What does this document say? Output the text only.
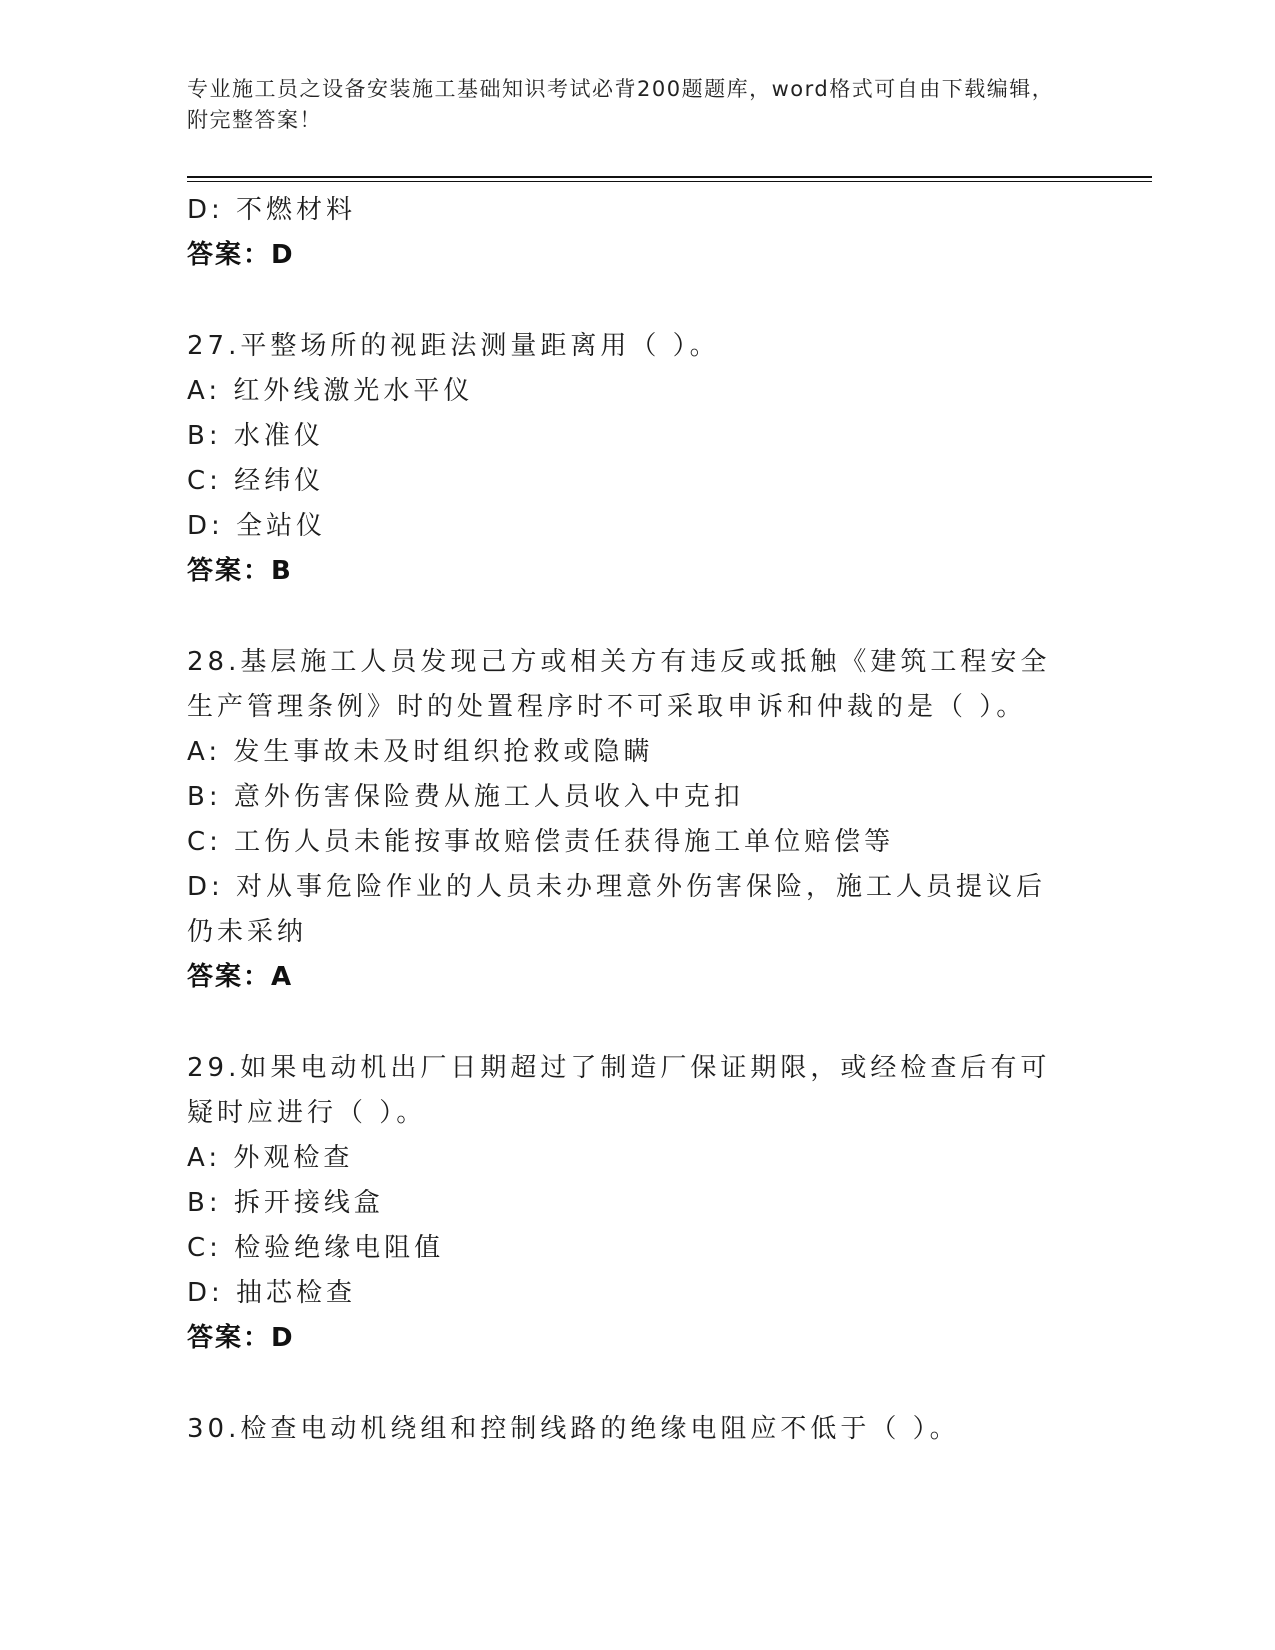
专业施工员之设备安装施工基础知识考试必背200题题库，word格式可自由下载编辑，附完整答案！
D: 不燃材料
答案：D
27.平整场所的视距法测量距离用（ ）。
A: 红外线激光水平仪
B: 水准仪
C: 经纬仪
D: 全站仪
答案：B
28.基层施工人员发现己方或相关方有违反或抵触《建筑工程安全生产管理条例》时的处置程序时不可采取申诉和仲裁的是（ ）。
A: 发生事故未及时组织抢救或隐瞒
B: 意外伤害保险费从施工人员收入中克扣
C: 工伤人员未能按事故赔偿责任获得施工单位赔偿等
D: 对从事危险作业的人员未办理意外伤害保险，施工人员提议后仍未采纳
答案：A
29.如果电动机出厂日期超过了制造厂保证期限，或经检查后有可疑时应进行（ ）。
A: 外观检查
B: 拆开接线盒
C: 检验绝缘电阻值
D: 抽芯检查
答案：D
30.检查电动机绕组和控制线路的绝缘电阻应不低于（ ）。
